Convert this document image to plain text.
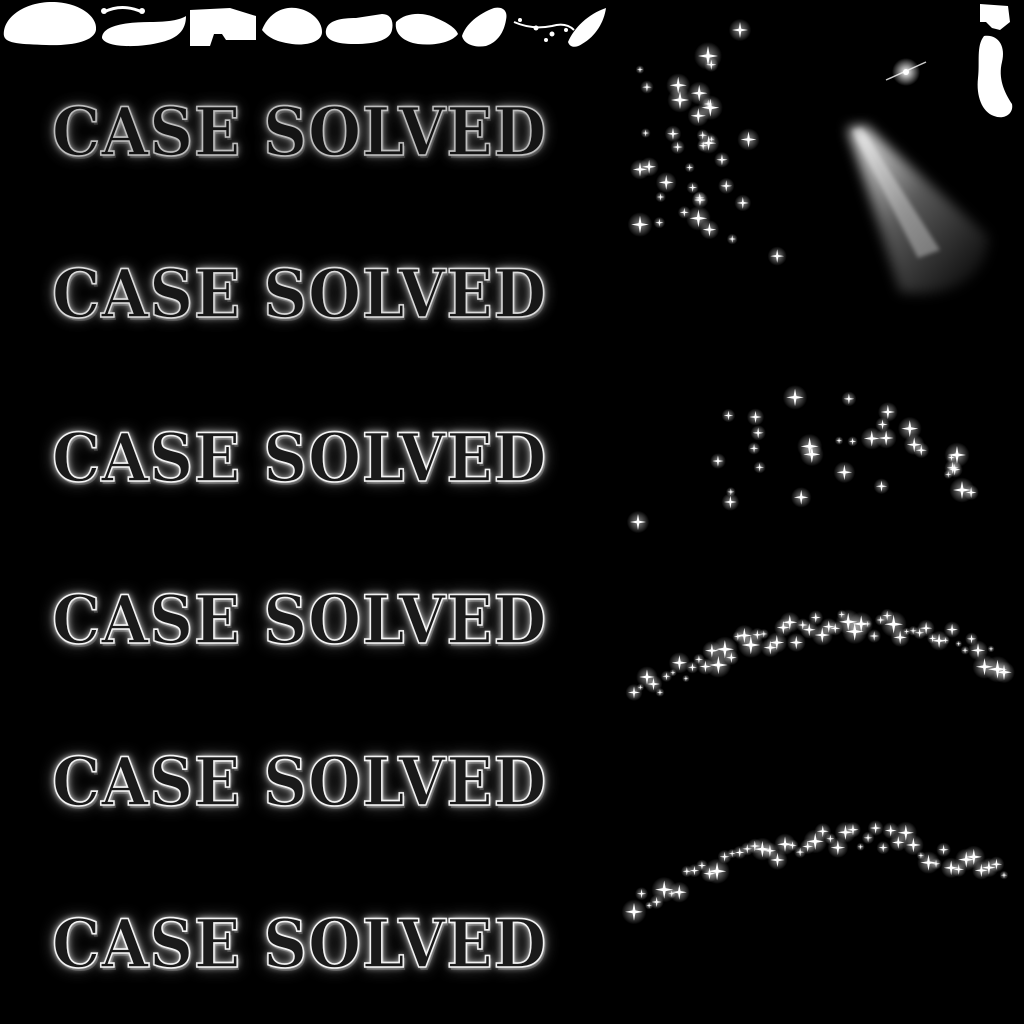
CASE SOLVED
CASE SOLVED
CASE SOLVED
CASE SOLVED
CASE SOLVED
CASE SOLVED
